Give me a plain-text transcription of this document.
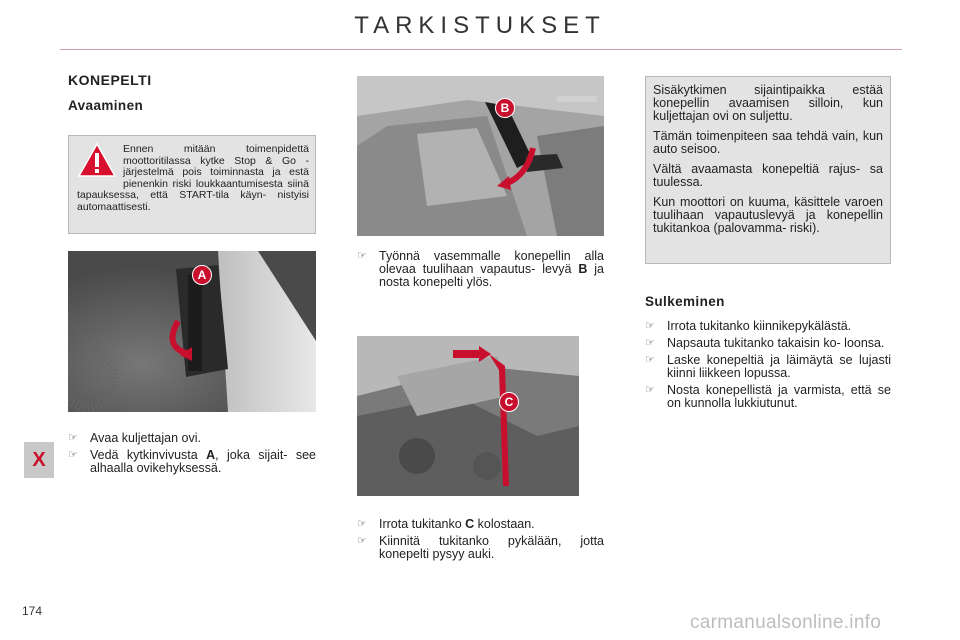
TARKISTUKSET
X
174
KONEPELTI
Avaaminen
Ennen mitään toimenpidettä moottoritilassa kytke Stop & Go -järjestelmä pois toiminnasta ja estä pienenkin riski loukkaantumisesta siinä tapauksessa, että START-tila käyn- nistyisi automaattisesti.
A
☞ Avaa kuljettajan ovi.
☞ Vedä kytkinvivusta A, joka sijait- see alhaalla ovikehyksessä.
B
☞ Työnnä vasemmalle konepellin alla olevaa tuulihaan vapautus- levyä B ja nosta konepelti ylös.
C
☞ Irrota tukitanko C kolostaan.
☞ Kiinnitä tukitanko pykälään, jotta konepelti pysyy auki.

Sisäkytkimen sijaintipaikka estää konepellin avaamisen silloin, kun kuljettajan ovi on suljettu.

Tämän toimenpiteen saa tehdä vain, kun auto seisoo.

Vältä avaamasta konepeltiä rajus- sa tuulessa.

Kun moottori on kuuma, käsittele varoen tuulihaan vapautuslevyä ja konepellin tukitankoa (palovamma- riski).

Sulkeminen
☞ Irrota tukitanko kiinnikepykälästä.
☞ Napsauta tukitanko takaisin ko- loonsa.
☞ Laske konepeltiä ja läimäytä se lujasti kiinni liikkeen lopussa.
☞ Nosta konepellistä ja varmista, että se on kunnolla lukkiutunut.
carmanualsonline.info
